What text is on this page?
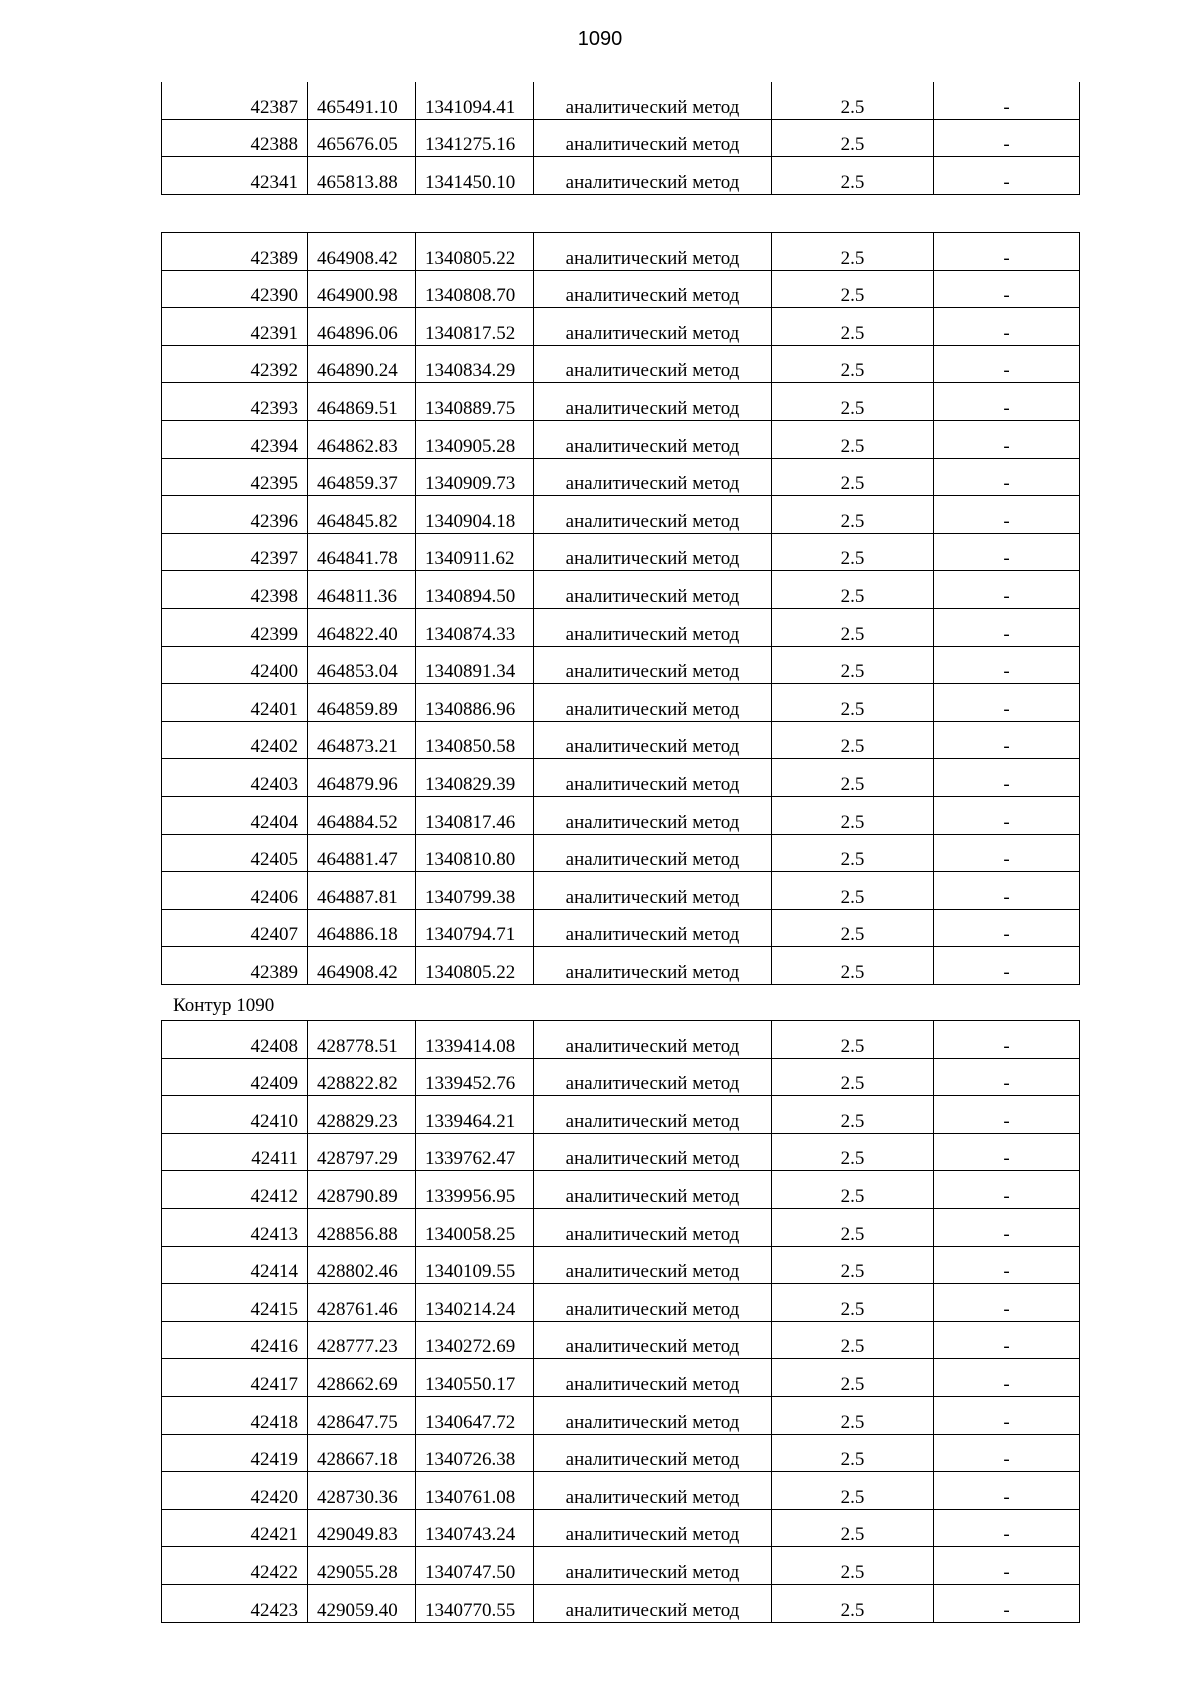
1090
42387	465491.10	1341094.41	аналитический метод	2.5	-
42388	465676.05	1341275.16	аналитический метод	2.5	-
42341	465813.88	1341450.10	аналитический метод	2.5	-
42389	464908.42	1340805.22	аналитический метод	2.5	-
42390	464900.98	1340808.70	аналитический метод	2.5	-
42391	464896.06	1340817.52	аналитический метод	2.5	-
42392	464890.24	1340834.29	аналитический метод	2.5	-
42393	464869.51	1340889.75	аналитический метод	2.5	-
42394	464862.83	1340905.28	аналитический метод	2.5	-
42395	464859.37	1340909.73	аналитический метод	2.5	-
42396	464845.82	1340904.18	аналитический метод	2.5	-
42397	464841.78	1340911.62	аналитический метод	2.5	-
42398	464811.36	1340894.50	аналитический метод	2.5	-
42399	464822.40	1340874.33	аналитический метод	2.5	-
42400	464853.04	1340891.34	аналитический метод	2.5	-
42401	464859.89	1340886.96	аналитический метод	2.5	-
42402	464873.21	1340850.58	аналитический метод	2.5	-
42403	464879.96	1340829.39	аналитический метод	2.5	-
42404	464884.52	1340817.46	аналитический метод	2.5	-
42405	464881.47	1340810.80	аналитический метод	2.5	-
42406	464887.81	1340799.38	аналитический метод	2.5	-
42407	464886.18	1340794.71	аналитический метод	2.5	-
42389	464908.42	1340805.22	аналитический метод	2.5	-
Контур 1090
42408	428778.51	1339414.08	аналитический метод	2.5	-
42409	428822.82	1339452.76	аналитический метод	2.5	-
42410	428829.23	1339464.21	аналитический метод	2.5	-
42411	428797.29	1339762.47	аналитический метод	2.5	-
42412	428790.89	1339956.95	аналитический метод	2.5	-
42413	428856.88	1340058.25	аналитический метод	2.5	-
42414	428802.46	1340109.55	аналитический метод	2.5	-
42415	428761.46	1340214.24	аналитический метод	2.5	-
42416	428777.23	1340272.69	аналитический метод	2.5	-
42417	428662.69	1340550.17	аналитический метод	2.5	-
42418	428647.75	1340647.72	аналитический метод	2.5	-
42419	428667.18	1340726.38	аналитический метод	2.5	-
42420	428730.36	1340761.08	аналитический метод	2.5	-
42421	429049.83	1340743.24	аналитический метод	2.5	-
42422	429055.28	1340747.50	аналитический метод	2.5	-
42423	429059.40	1340770.55	аналитический метод	2.5	-
